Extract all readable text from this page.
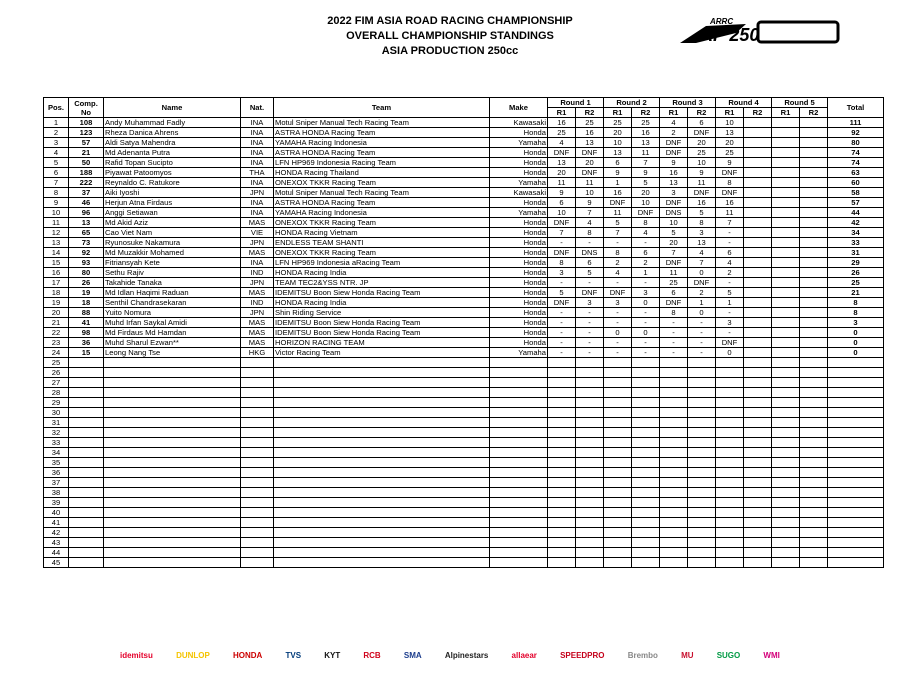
2022 FIM ASIA ROAD RACING CHAMPIONSHIP
OVERALL CHAMPIONSHIP STANDINGS
ASIA PRODUCTION 250cc
ARRC
AP 250
Pos.	Comp.
No	Name	Nat.	Team	Make	Round 1		Round 2		Round 3		Round 4		Round 5		Total
						R1	R2	R1	R2	R1	R2	R1	R2	R1	R2	
1	108	Andy Muhammad Fadly	INA	Motul Sniper Manual Tech Racing Team	Kawasaki	16	25	25	25	4	6	10				111
2	123	Rheza Danica Ahrens	INA	ASTRA HONDA Racing Team	Honda	25	16	20	16	2	DNF	13				92
3	57	Aldi Satya Mahendra	INA	YAMAHA Racing Indonesia	Yamaha	4	13	10	13	DNF	20	20				80
4	21	Md Adenanta Putra	INA	ASTRA HONDA Racing Team	Honda	DNF	DNF	13	11	DNF	25	25				74
5	50	Rafid Topan Sucipto	INA	LFN HP969 Indonesia Racing Team	Honda	13	20	6	7	9	10	9				74
6	188	Piyawat Patoomyos	THA	HONDA Racing Thailand	Honda	20	DNF	9	9	16	9	DNF				63
7	222	Reynaldo C. Ratukore	INA	ONEXOX TKKR Racing Team	Yamaha	11	11	1	5	13	11	8				60
8	37	Aiki Iyoshi	JPN	Motul Sniper Manual Tech Racing Team	Kawasaki	9	10	16	20	3	DNF	DNF				58
9	46	Herjun Atna Firdaus	INA	ASTRA HONDA Racing Team	Honda	6	9	DNF	10	DNF	16	16				57
10	96	Anggi Setiawan	INA	YAMAHA Racing Indonesia	Yamaha	10	7	11	DNF	DNS	5	11				44
11	13	Md Akid Aziz	MAS	ONEXOX TKKR Racing Team	Honda	DNF	4	5	8	10	8	7				42
12	65	Cao Viet Nam	VIE	HONDA Racing Vietnam	Honda	7	8	7	4	5	3	-				34
13	73	Ryunosuke Nakamura	JPN	ENDLESS TEAM SHANTI	Honda	-	-	-	-	20	13	-				33
14	92	Md Muzakkir Mohamed	MAS	ONEXOX TKKR Racing Team	Honda	DNF	DNS	8	6	7	4	6				31
15	93	Fitriansyah Kete	INA	LFN HP969 Indonesia aRacing Team	Honda	8	6	2	2	DNF	7	4				29
16	80	Sethu Rajiv	IND	HONDA Racing India	Honda	3	5	4	1	11	0	2				26
17	26	Takahide Tanaka	JPN	TEAM TEC2&YSS NTR. JP	Honda	-	-	-	-	25	DNF	-				25
18	19	Md Idlan Haqimi Raduan	MAS	IDEMITSU Boon Siew Honda Racing Team	Honda	5	DNF	DNF	3	6	2	5				21
19	18	Senthil Chandrasekaran	IND	HONDA Racing India	Honda	DNF	3	3	0	DNF	1	1				8
20	88	Yuito Nomura	JPN	Shin Riding Service	Honda	-	-	-	-	8	0	-				8
21	41	Muhd Irfan Saykal Amidi	MAS	IDEMITSU Boon Siew Honda Racing Team	Honda	-	-	-	-	-	-	3				3
22	98	Md Firdaus Md Hamdan	MAS	IDEMITSU Boon Siew Honda Racing Team	Honda	-	-	0	0	-	-	-				0
23	36	Muhd Sharul Ezwan**	MAS	HORIZON RACING TEAM	Honda	-	-	-	-	-	-	DNF				0
24	15	Leong Nang Tse	HKG	Victor Racing Team	Yamaha	-	-	-	-	-	-	0				0
25																
26																
27																
28																
29																
30																
31																
32																
33																
34																
35																
36																
37																
38																
39																
40																
41																
42																
43																
44																
45																
idemitsu	DUNLOP	HONDA	TVS	KYT	RCB	SMA	Alpinestars	allaear	SPEEDPRO	Brembo	MU	SUGO	WMI
